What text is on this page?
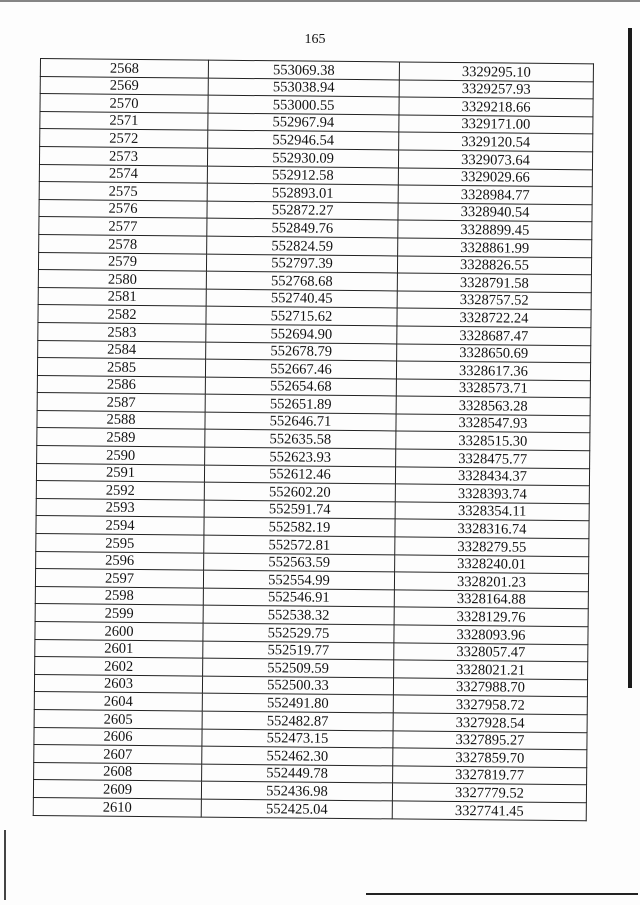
165
2568	553069.38	3329295.10
2569	553038.94	3329257.93
2570	553000.55	3329218.66
2571	552967.94	3329171.00
2572	552946.54	3329120.54
2573	552930.09	3329073.64
2574	552912.58	3329029.66
2575	552893.01	3328984.77
2576	552872.27	3328940.54
2577	552849.76	3328899.45
2578	552824.59	3328861.99
2579	552797.39	3328826.55
2580	552768.68	3328791.58
2581	552740.45	3328757.52
2582	552715.62	3328722.24
2583	552694.90	3328687.47
2584	552678.79	3328650.69
2585	552667.46	3328617.36
2586	552654.68	3328573.71
2587	552651.89	3328563.28
2588	552646.71	3328547.93
2589	552635.58	3328515.30
2590	552623.93	3328475.77
2591	552612.46	3328434.37
2592	552602.20	3328393.74
2593	552591.74	3328354.11
2594	552582.19	3328316.74
2595	552572.81	3328279.55
2596	552563.59	3328240.01
2597	552554.99	3328201.23
2598	552546.91	3328164.88
2599	552538.32	3328129.76
2600	552529.75	3328093.96
2601	552519.77	3328057.47
2602	552509.59	3328021.21
2603	552500.33	3327988.70
2604	552491.80	3327958.72
2605	552482.87	3327928.54
2606	552473.15	3327895.27
2607	552462.30	3327859.70
2608	552449.78	3327819.77
2609	552436.98	3327779.52
2610	552425.04	3327741.45
